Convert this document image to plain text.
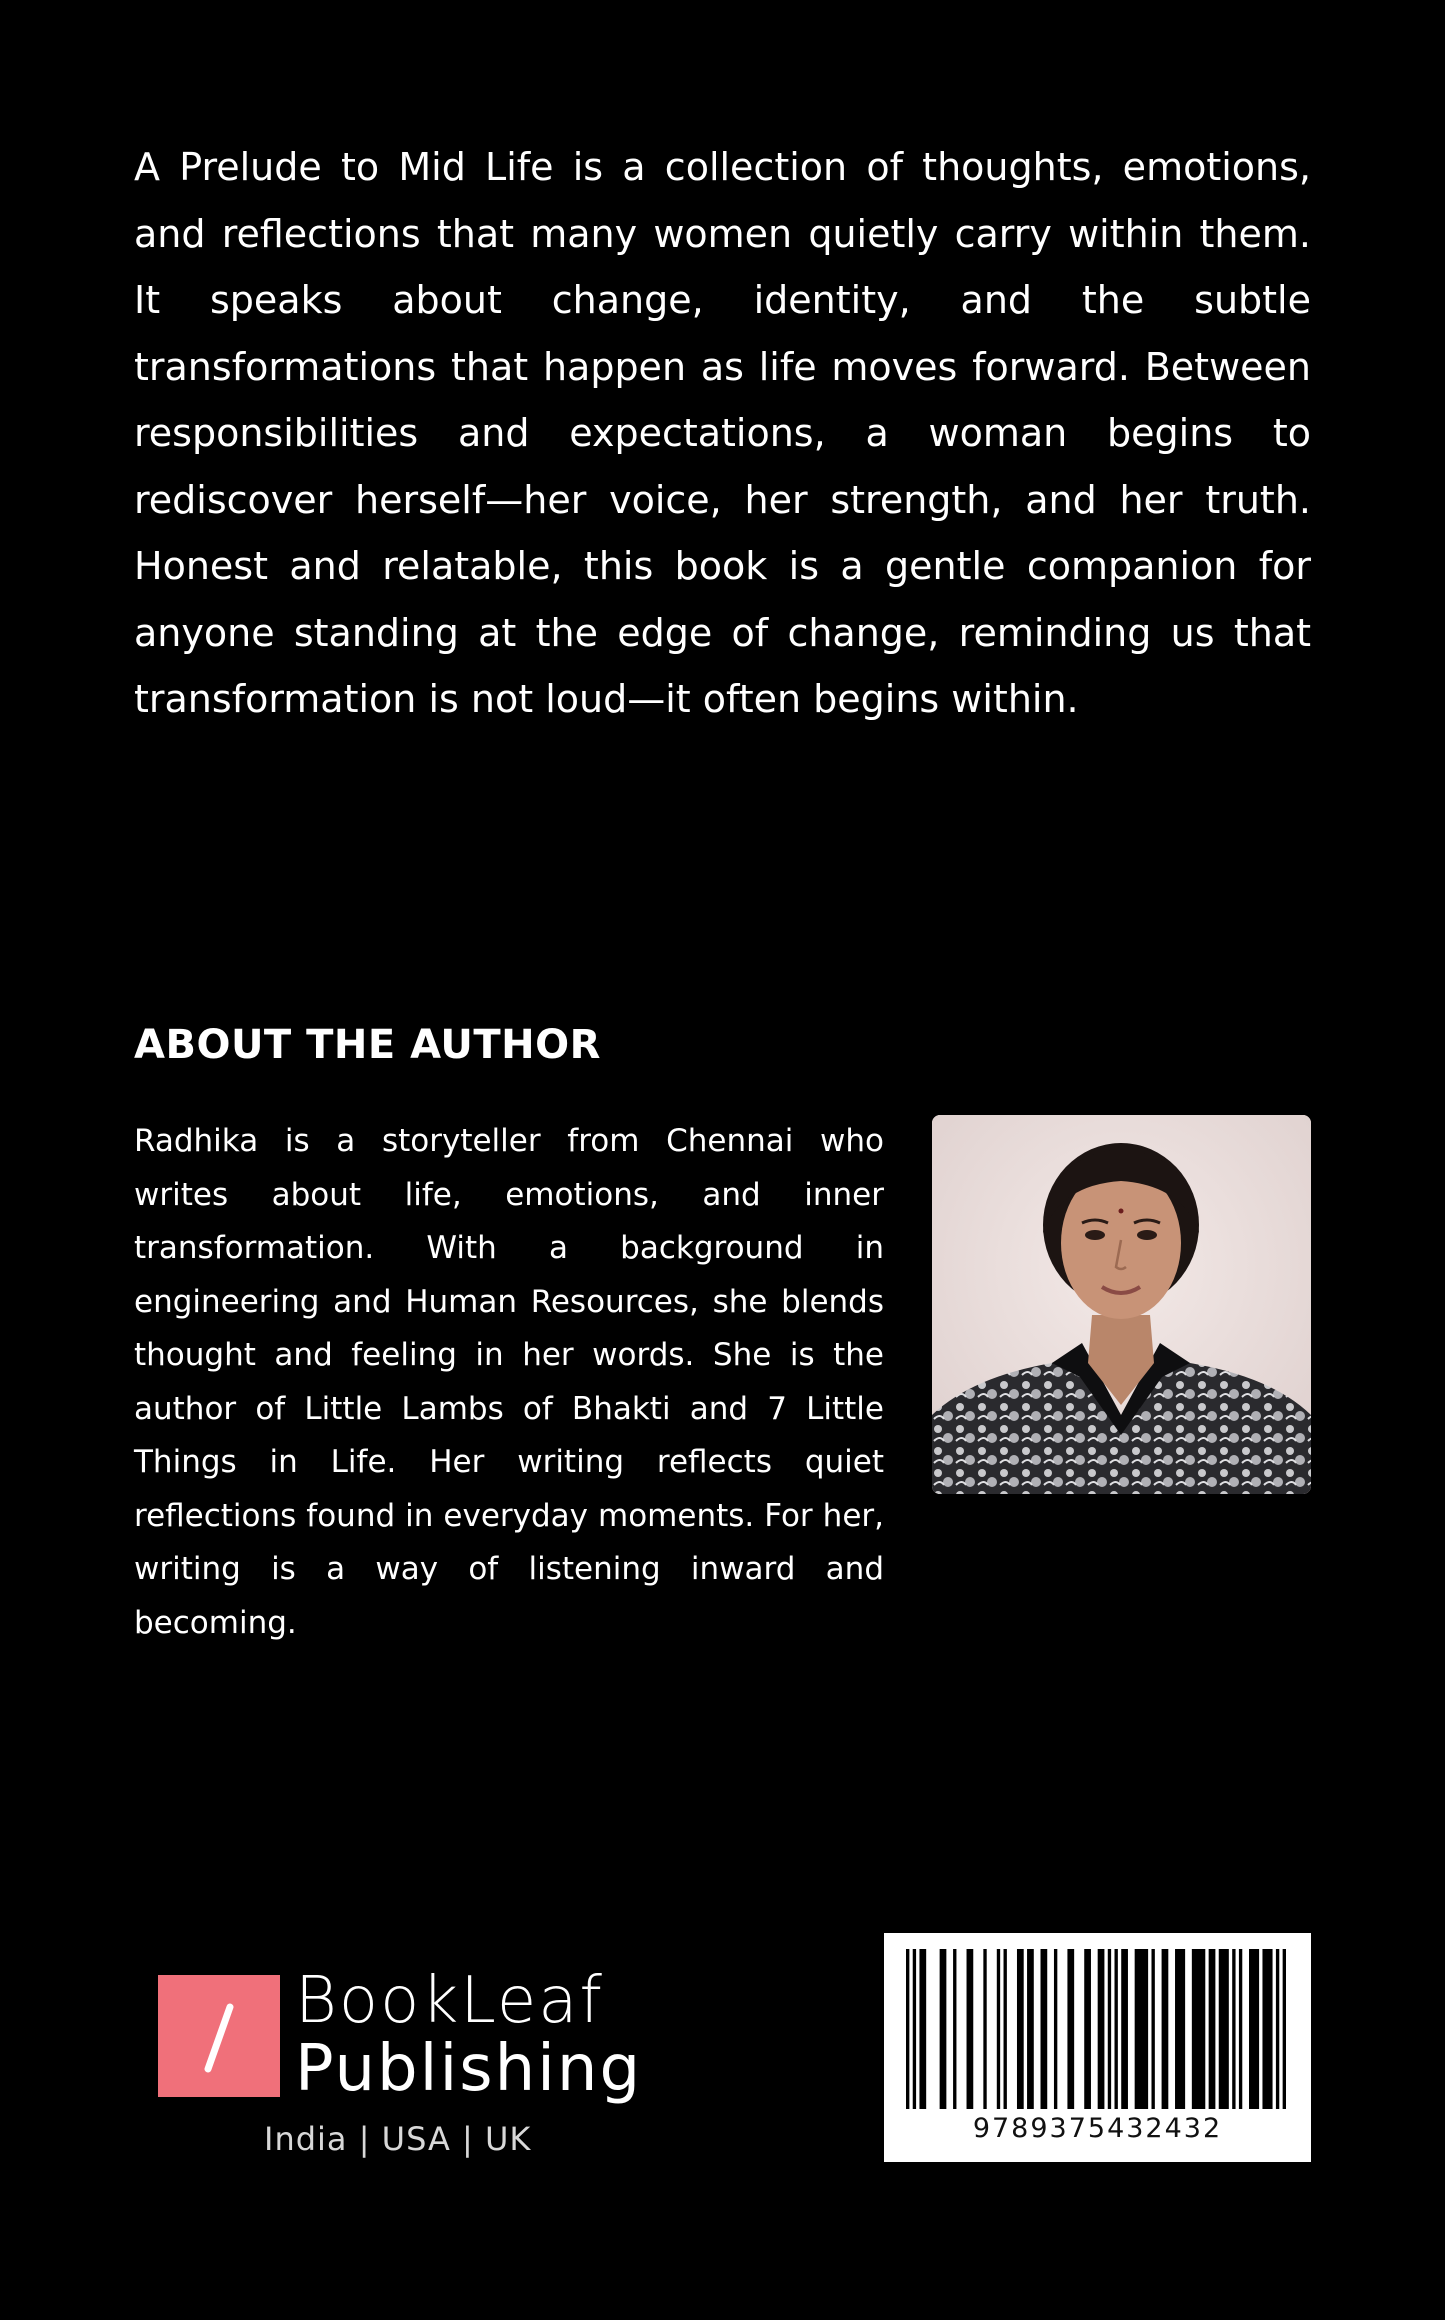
A Prelude to Mid Life is a collection of thoughts, emotions, and reflections that many women quietly carry within them. It speaks about change, identity, and the subtle transformations that happen as life moves forward. Between responsibilities and expectations, a woman begins to rediscover herself—her voice, her strength, and her truth. Honest and relatable, this book is a gentle companion for anyone standing at the edge of change, reminding us that transformation is not loud—it often begins within.

ABOUT THE AUTHOR

Radhika is a storyteller from Chennai who writes about life, emotions, and inner transformation. With a background in engineering and Human Resources, she blends thought and feeling in her words. She is the author of Little Lambs of Bhakti and 7 Little Things in Life. Her writing reflects quiet reflections found in everyday moments. For her, writing is a way of listening inward and becoming.

BookLeaf
Publishing
India | USA | UK	9789375432432
